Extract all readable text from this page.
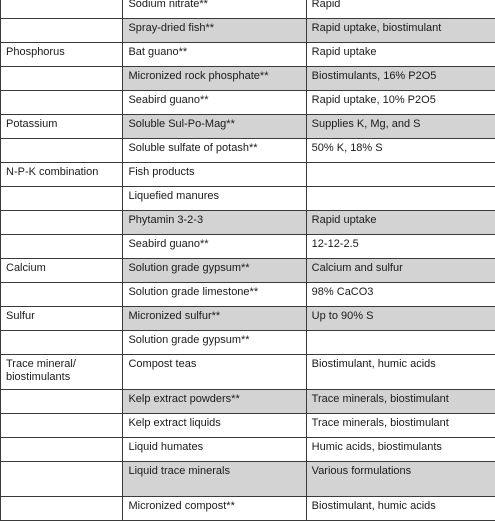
	Sodium nitrate**	Rapid
	Spray-dried fish**	Rapid uptake, biostimulant
Phosphorus	Bat guano**	Rapid uptake
	Micronized rock phosphate**	Biostimulants, 16% P2O5
	Seabird guano**	Rapid uptake, 10% P2O5
Potassium	Soluble Sul-Po-Mag**	Supplies K, Mg, and S
	Soluble sulfate of potash**	50% K, 18% S
N-P-K combination	Fish products	
	Liquefied manures	
	Phytamin 3-2-3	Rapid uptake
	Seabird guano**	12-12-2.5
Calcium	Solution grade gypsum**	Calcium and sulfur
	Solution grade limestone**	98% CaCO3
Sulfur	Micronized sulfur**	Up to 90% S
	Solution grade gypsum**	
Trace mineral/ biostimulants	Compost teas	Biostimulant, humic acids
	Kelp extract powders**	Trace minerals, biostimulant
	Kelp extract liquids	Trace minerals, biostimulant
	Liquid humates	Humic acids, biostimulants
	Liquid trace minerals	Various formulations
	Micronized compost**	Biostimulant, humic acids
